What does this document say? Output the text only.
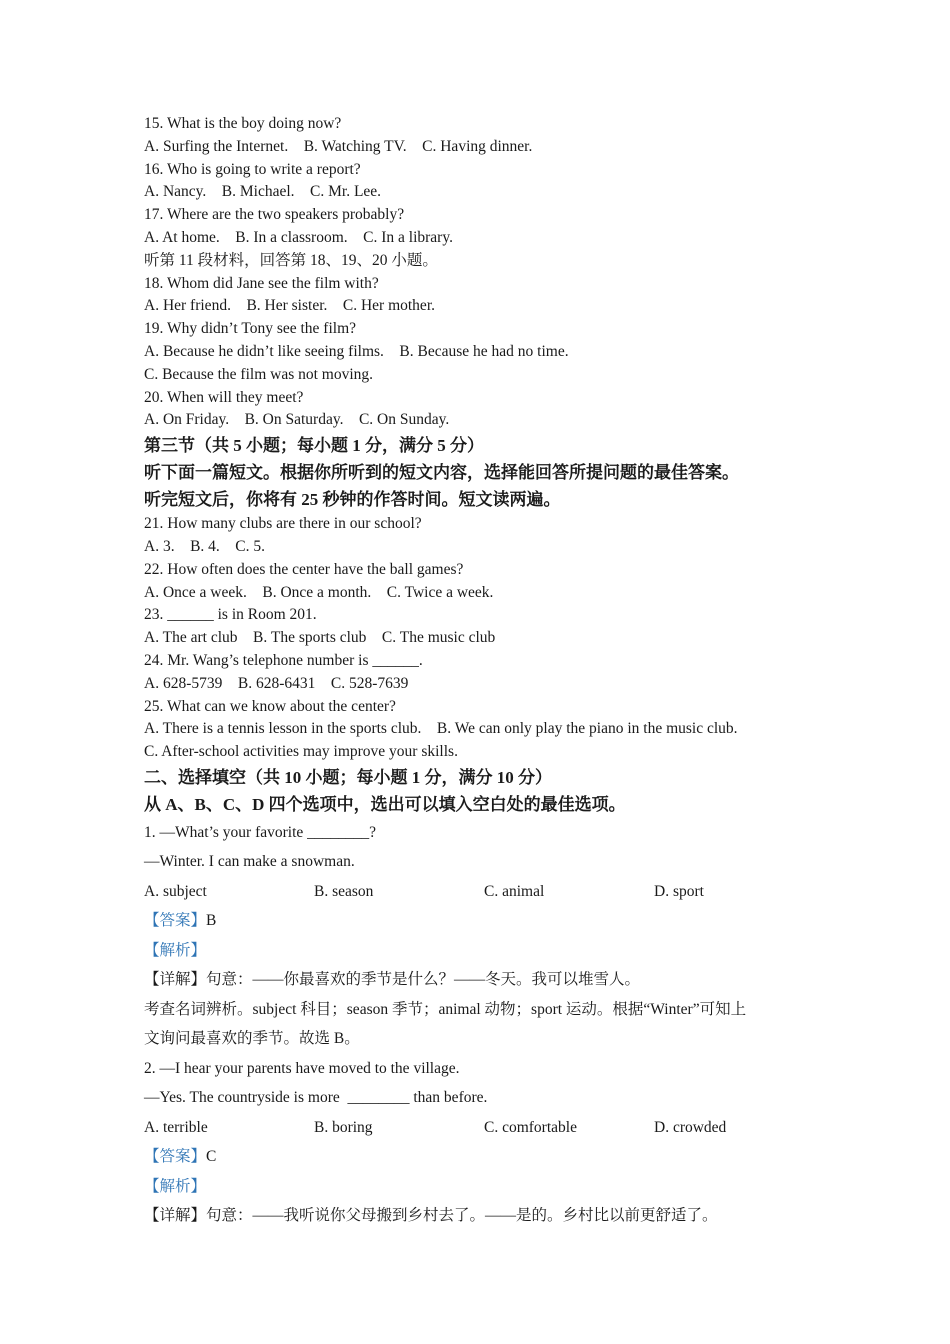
15. What is the boy doing now?
A. Surfing the Internet.    B. Watching TV.    C. Having dinner.
16. Who is going to write a report?
A. Nancy.    B. Michael.    C. Mr. Lee.
17. Where are the two speakers probably?
A. At home.    B. In a classroom.    C. In a library.
听第 11 段材料，回答第 18、19、20 小题。
18. Whom did Jane see the film with?
A. Her friend.    B. Her sister.    C. Her mother.
19. Why didn’t Tony see the film?
A. Because he didn’t like seeing films.    B. Because he had no time.
C. Because the film was not moving.
20. When will they meet?
A. On Friday.    B. On Saturday.    C. On Sunday.
第三节（共 5 小题；每小题 1 分，满分 5 分）
听下面一篇短文。根据你所听到的短文内容，选择能回答所提问题的最佳答案。
听完短文后，你将有 25 秒钟的作答时间。短文读两遍。
21. How many clubs are there in our school?
A. 3.    B. 4.    C. 5.
22. How often does the center have the ball games?
A. Once a week.    B. Once a month.    C. Twice a week.
23. ______ is in Room 201.
A. The art club    B. The sports club    C. The music club
24. Mr. Wang’s telephone number is ______.
A. 628-5739    B. 628-6431    C. 528-7639
25. What can we know about the center?
A. There is a tennis lesson in the sports club.    B. We can only play the piano in the music club.
C. After-school activities may improve your skills.
二、选择填空（共 10 小题；每小题 1 分，满分 10 分）
从 A、B、C、D 四个选项中，选出可以填入空白处的最佳选项。
1. —What’s your favorite ________?
—Winter. I can make a snowman.
A. subject	B. season	C. animal	D. sport
【答案】B
【解析】
【详解】句意：——你最喜欢的季节是什么？——冬天。我可以堆雪人。
考查名词辨析。subject 科目；season 季节；animal 动物；sport 运动。根据“Winter”可知上
文询问最喜欢的季节。故选 B。
2. —I hear your parents have moved to the village.
—Yes. The countryside is more  ________ than before.
A. terrible	B. boring	C. comfortable	D. crowded
【答案】C
【解析】
【详解】句意：——我听说你父母搬到乡村去了。——是的。乡村比以前更舒适了。
